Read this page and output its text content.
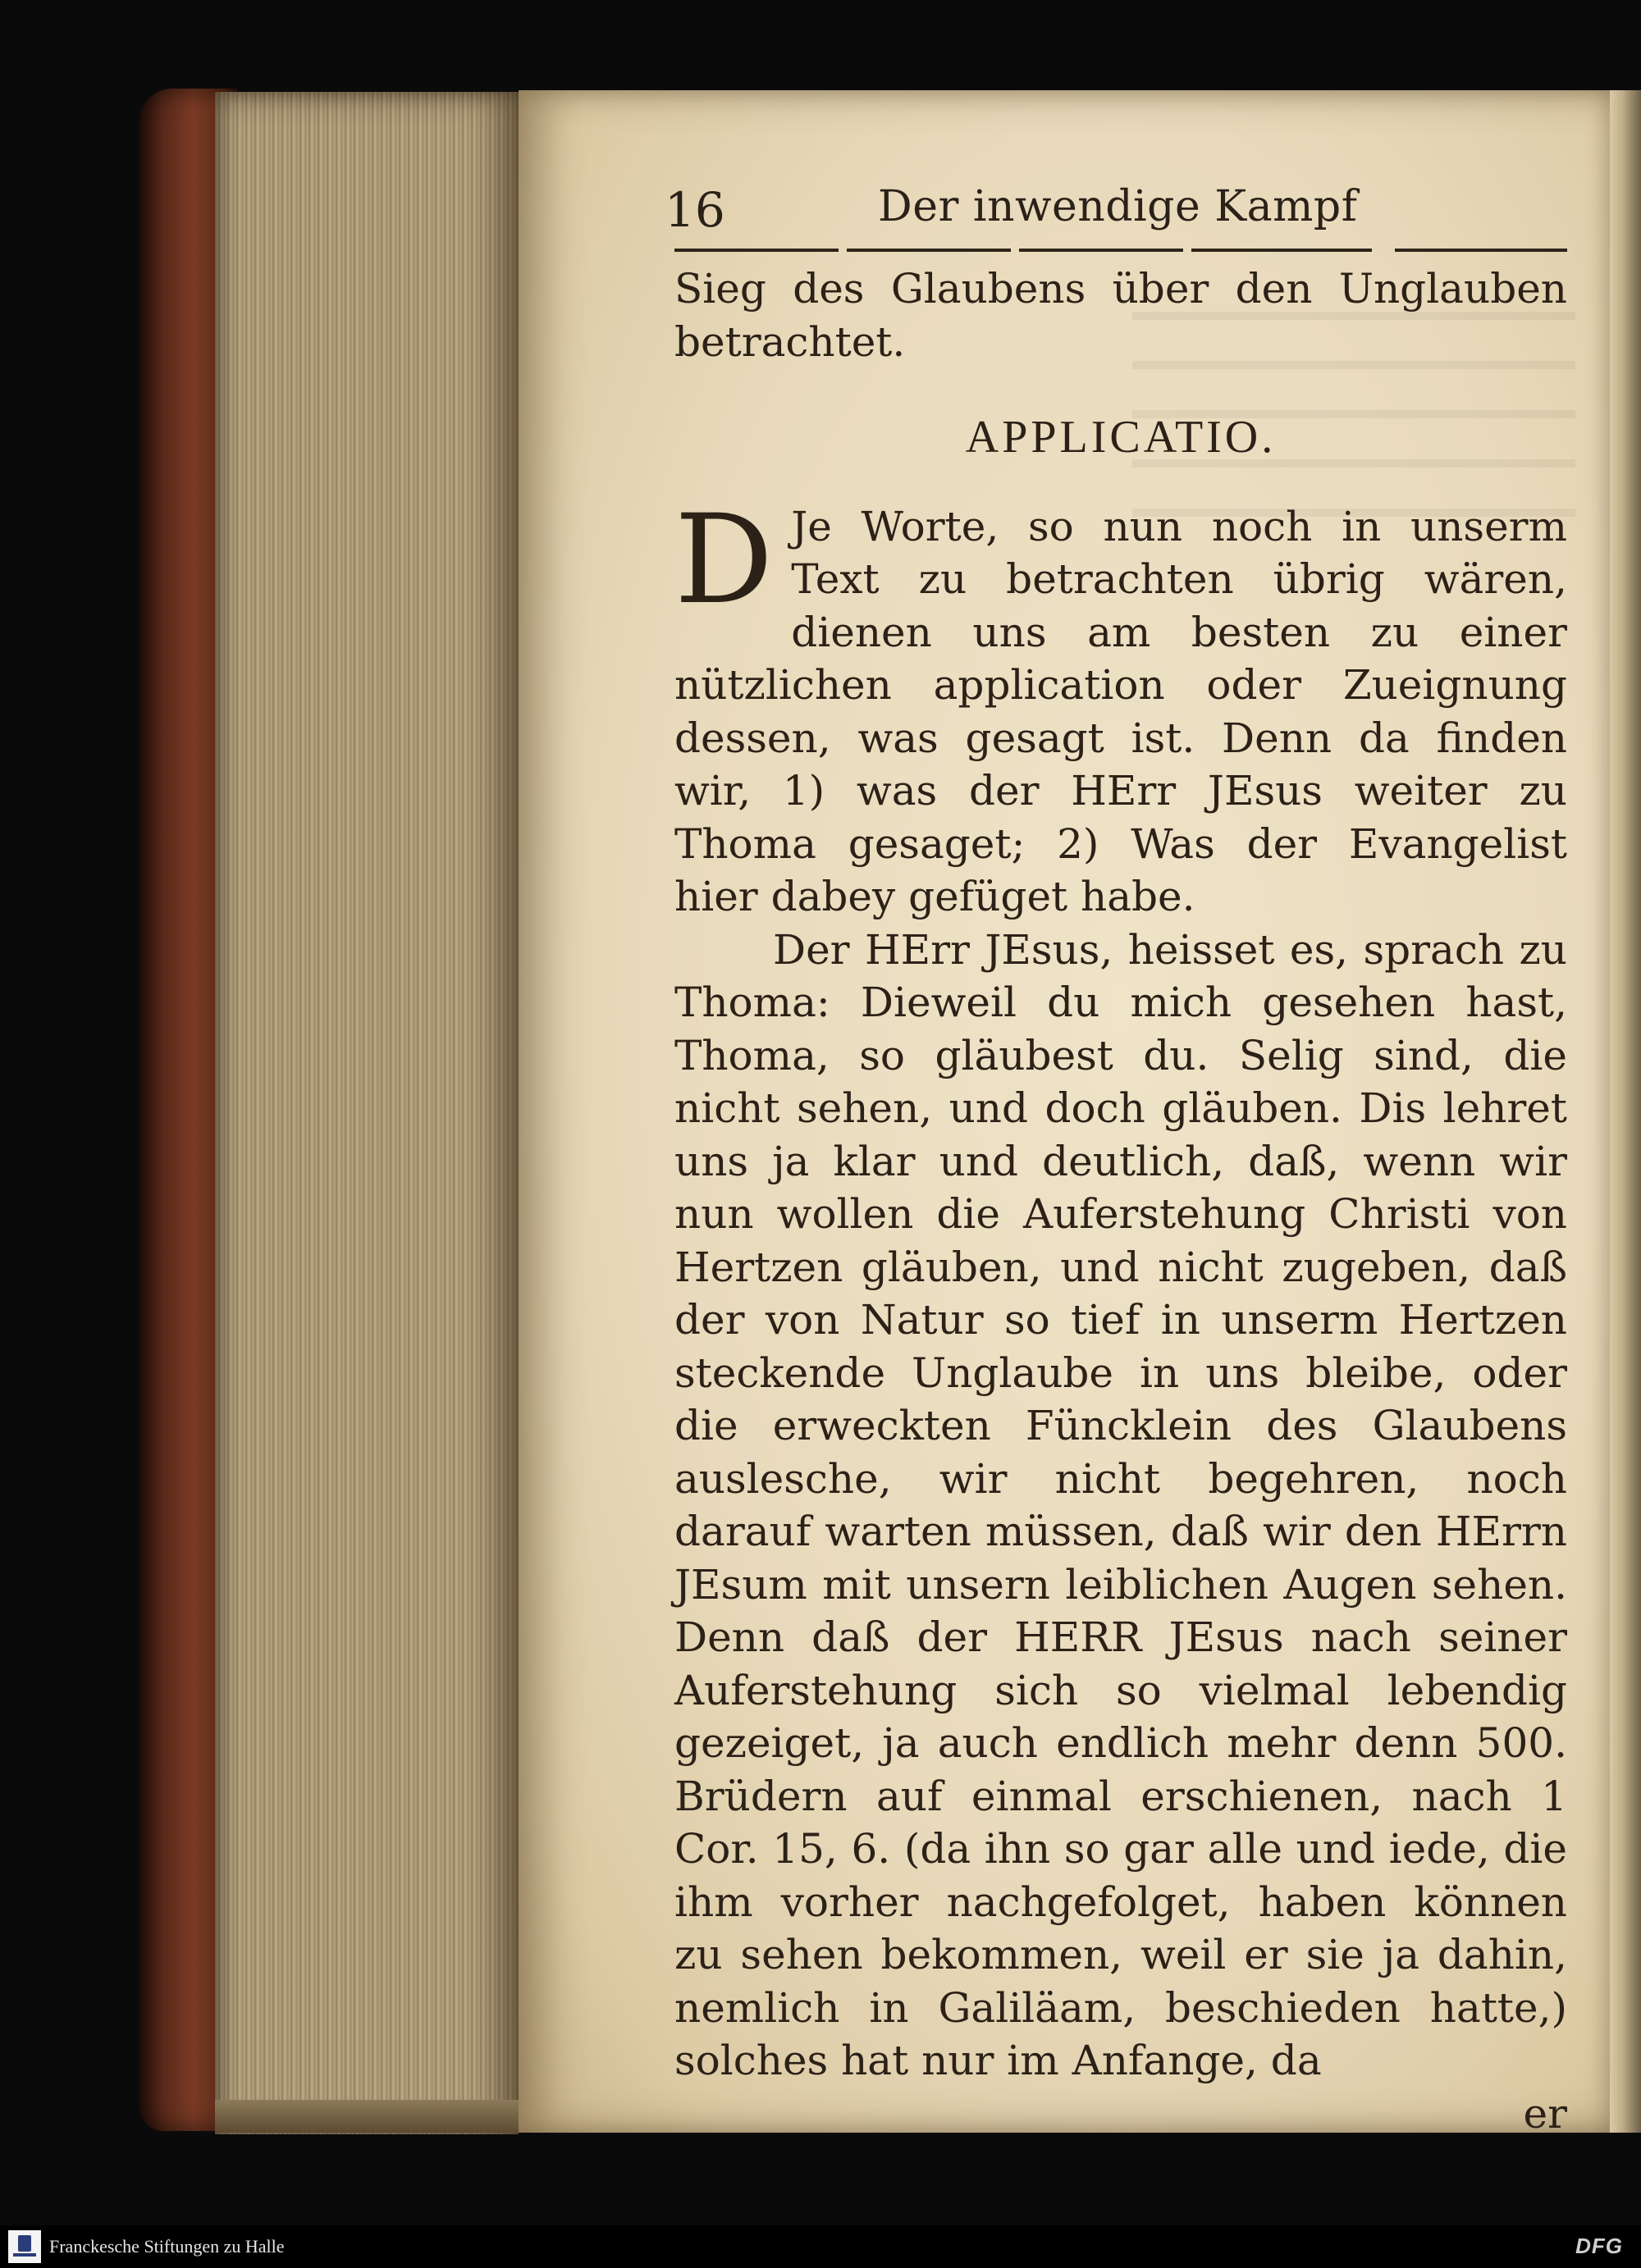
16	Der inwendige Kampf

Sieg des Glaubens über den Unglauben betrachtet.

APPLICATIO.

D Je Worte, so nun noch in unserm Text zu betrachten übrig wären, dienen uns am besten zu einer nützlichen application oder Zueignung dessen, was gesagt ist. Denn da finden wir, 1) was der HErr JEsus weiter zu Thoma gesaget; 2) Was der Evangelist hier dabey gefüget habe.

Der HErr JEsus, heisset es, sprach zu Thoma: Dieweil du mich gesehen hast, Thoma, so gläubest du. Selig sind, die nicht sehen, und doch gläuben. Dis lehret uns ja klar und deutlich, daß, wenn wir nun wollen die Auferstehung Christi von Hertzen gläuben, und nicht zugeben, daß der von Natur so tief in unserm Hertzen steckende Unglaube in uns bleibe, oder die erweckten Füncklein des Glaubens auslesche, wir nicht begehren, noch darauf warten müssen, daß wir den HErrn JEsum mit unsern leiblichen Augen sehen. Denn daß der HERR JEsus nach seiner Auferstehung sich so vielmal lebendig gezeiget, ja auch endlich mehr denn 500. Brüdern auf einmal erschienen, nach 1 Cor. 15, 6. (da ihn so gar alle und iede, die ihm vorher nachgefolget, haben können zu sehen bekommen, weil er sie ja dahin, nemlich in Galiläam, beschieden hatte,) solches hat nur im Anfange, da

er
Franckesche Stiftungen zu Halle	DFG
